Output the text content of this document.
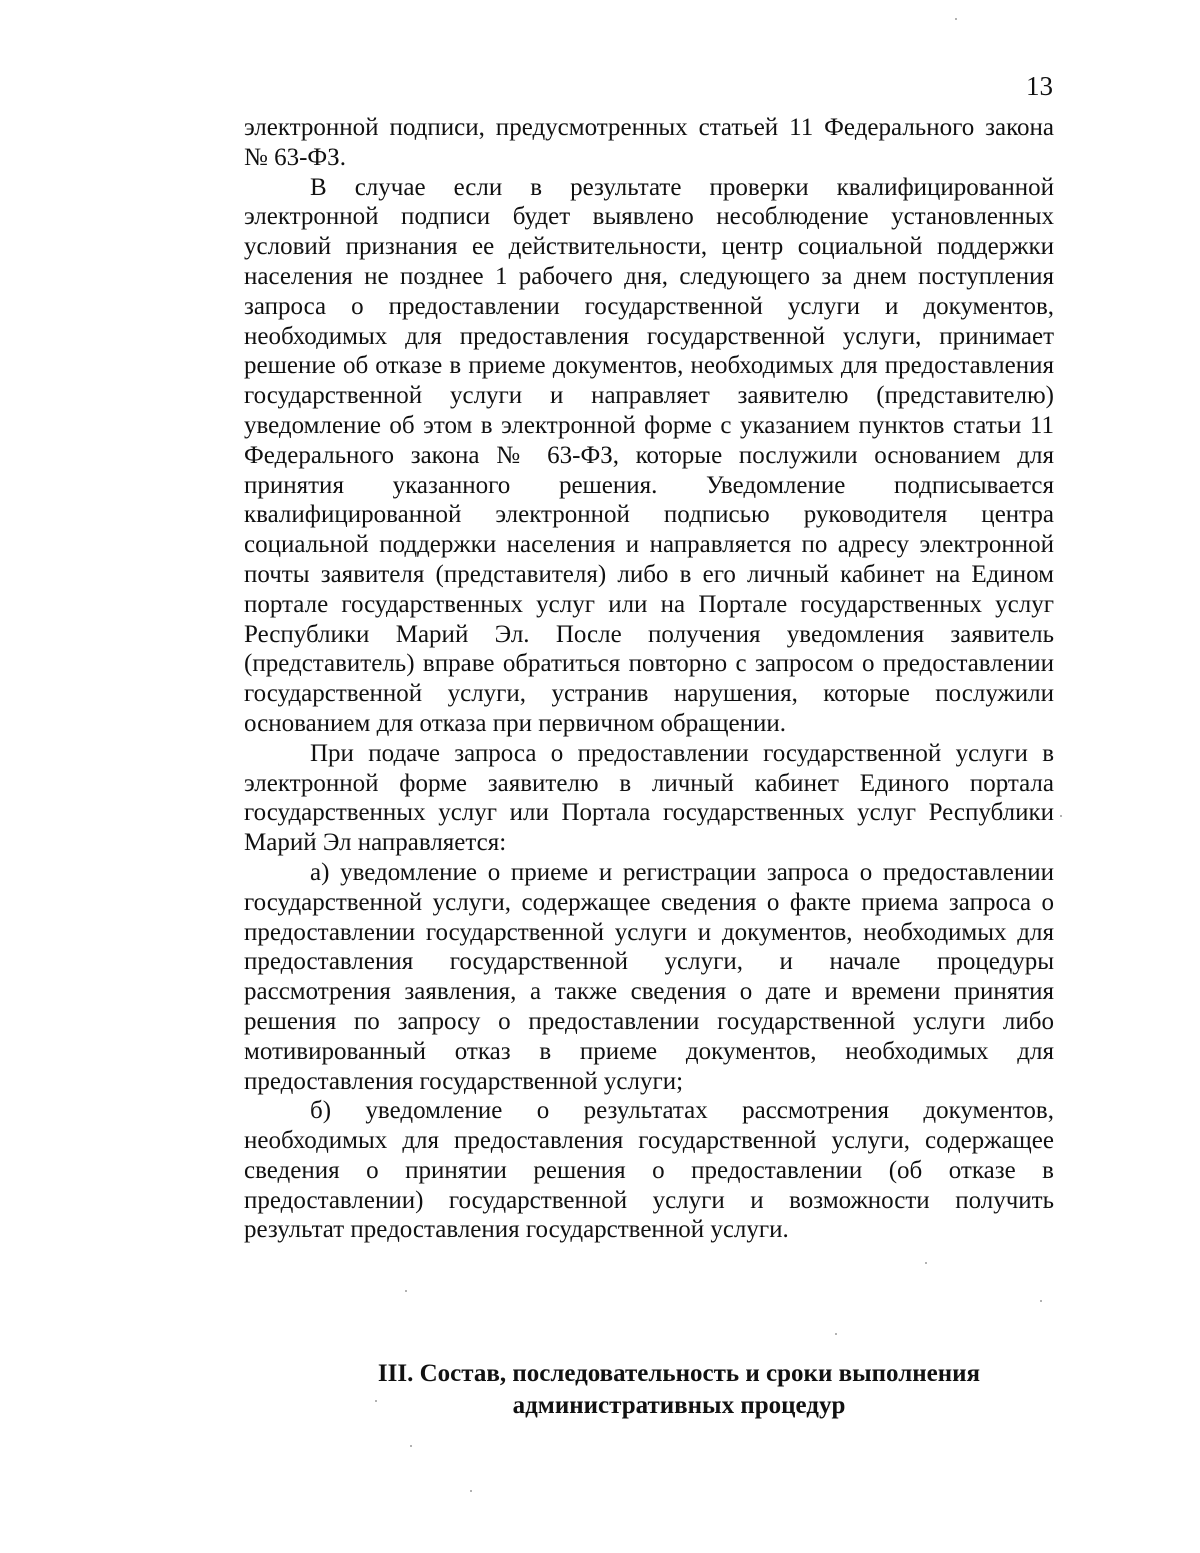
13

электронной подписи, предусмотренных статьей 11 Федерального закона № 63-ФЗ.

В случае если в результате проверки квалифицированной электронной подписи будет выявлено несоблюдение установленных условий признания ее действительности, центр социальной поддержки населения не позднее 1 рабочего дня, следующего за днем поступления запроса о предоставлении государственной услуги и документов, необходимых для предоставления государственной услуги, принимает решение об отказе в приеме документов, необходимых для предоставления государственной услуги и направляет заявителю (представителю) уведомление об этом в электронной форме с указанием пунктов статьи 11 Федерального закона № 63-ФЗ, которые послужили основанием для принятия указанного решения. Уведомление подписывается квалифицированной электронной подписью руководителя центра социальной поддержки населения и направляется по адресу электронной почты заявителя (представителя) либо в его личный кабинет на Едином портале государственных услуг или на Портале государственных услуг Республики Марий Эл. После получения уведомления заявитель (представитель) вправе обратиться повторно с запросом о предоставлении государственной услуги, устранив нарушения, которые послужили основанием для отказа при первичном обращении.

При подаче запроса о предоставлении государственной услуги в электронной форме заявителю в личный кабинет Единого портала государственных услуг или Портала государственных услуг Республики Марий Эл направляется:

а) уведомление о приеме и регистрации запроса о предоставлении государственной услуги, содержащее сведения о факте приема запроса о предоставлении государственной услуги и документов, необходимых для предоставления государственной услуги, и начале процедуры рассмотрения заявления, а также сведения о дате и времени принятия решения по запросу о предоставлении государственной услуги либо мотивированный отказ в приеме документов, необходимых для предоставления государственной услуги;

б) уведомление о результатах рассмотрения документов, необходимых для предоставления государственной услуги, содержащее сведения о принятии решения о предоставлении (об отказе в предоставлении) государственной услуги и возможности получить результат предоставления государственной услуги.

III. Состав, последовательность и сроки выполнения
административных процедур
